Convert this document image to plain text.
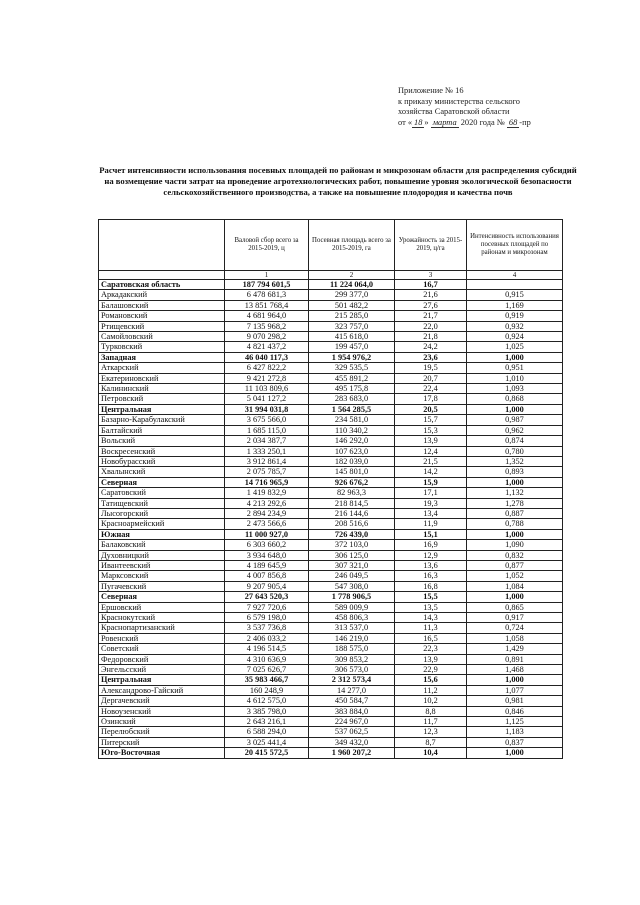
Приложение № 16
к приказу министерства сельского
хозяйства Саратовской области
от « 18 » марта 2020 года № 68 -пр
Расчет интенсивности использования посевных площадей по районам и микрозонам области для распределения субсидий на возмещение части затрат на проведение агротехнологических работ, повышение уровня экологической безопасности сельскохозяйственного производства, а также на повышение плодородия и качества почв
	Валовой сбор всего за 2015-2019, ц	Посевная площадь всего за 2015-2019, га	Урожайность за 2015-2019, ц/га	Интенсивность использования посевных площадей по районам и микрозонам
	1	2	3	4
Саратовская область	187 794 601,5	11 224 064,0	16,7	
Аркадакский	6 478 681,3	299 377,0	21,6	0,915
Балашовский	13 851 768,4	501 482,2	27,6	1,169
Романовский	4 681 964,0	215 285,0	21,7	0,919
Ртищевский	7 135 968,2	323 757,0	22,0	0,932
Самойловский	9 070 298,2	415 618,0	21,8	0,924
Турковский	4 821 437,2	199 457,0	24,2	1,025
Западная	46 040 117,3	1 954 976,2	23,6	1,000
Аткарский	6 427 822,2	329 535,5	19,5	0,951
Екатериновский	9 421 272,8	455 891,2	20,7	1,010
Калининский	11 103 809,6	495 175,8	22,4	1,093
Петровский	5 041 127,2	283 683,0	17,8	0,868
Центральная	31 994 031,8	1 564 285,5	20,5	1,000
Базарно-Карабулакский	3 675 566,0	234 581,0	15,7	0,987
Балтайский	1 685 115,0	110 340,2	15,3	0,962
Вольский	2 034 387,7	146 292,0	13,9	0,874
Воскресенский	1 333 250,1	107 623,0	12,4	0,780
Новобурасский	3 912 861,4	182 039,0	21,5	1,352
Хвалынский	2 075 785,7	145 801,0	14,2	0,893
Северная	14 716 965,9	926 676,2	15,9	1,000
Саратовский	1 419 832,9	82 963,3	17,1	1,132
Татищевский	4 213 292,6	218 814,5	19,3	1,278
Лысогорский	2 894 234,9	216 144,6	13,4	0,887
Красноармейский	2 473 566,6	208 516,6	11,9	0,788
Южная	11 000 927,0	726 439,0	15,1	1,000
Балаковский	6 303 660,2	372 103,0	16,9	1,090
Духовницкий	3 934 648,0	306 125,0	12,9	0,832
Ивантеевский	4 189 645,9	307 321,0	13,6	0,877
Марксовский	4 007 856,8	246 049,5	16,3	1,052
Пугачевский	9 207 905,4	547 308,0	16,8	1,084
Северная	27 643 520,3	1 778 906,5	15,5	1,000
Ершовский	7 927 720,6	589 009,9	13,5	0,865
Краснокутский	6 579 198,0	458 806,3	14,3	0,917
Краснопартизанский	3 537 736,8	313 537,0	11,3	0,724
Ровенский	2 406 033,2	146 219,0	16,5	1,058
Советский	4 196 514,5	188 575,0	22,3	1,429
Федоровский	4 310 636,9	309 853,2	13,9	0,891
Энгельсский	7 025 626,7	306 573,0	22,9	1,468
Центральная	35 983 466,7	2 312 573,4	15,6	1,000
Александрово-Гайский	160 248,9	14 277,0	11,2	1,077
Дергачевский	4 612 575,0	450 584,7	10,2	0,981
Новоузенский	3 385 798,0	383 884,0	8,8	0,846
Озинский	2 643 216,1	224 967,0	11,7	1,125
Перелюбский	6 588 294,0	537 062,5	12,3	1,183
Питерский	3 025 441,4	349 432,0	8,7	0,837
Юго-Восточная	20 415 572,5	1 960 207,2	10,4	1,000
